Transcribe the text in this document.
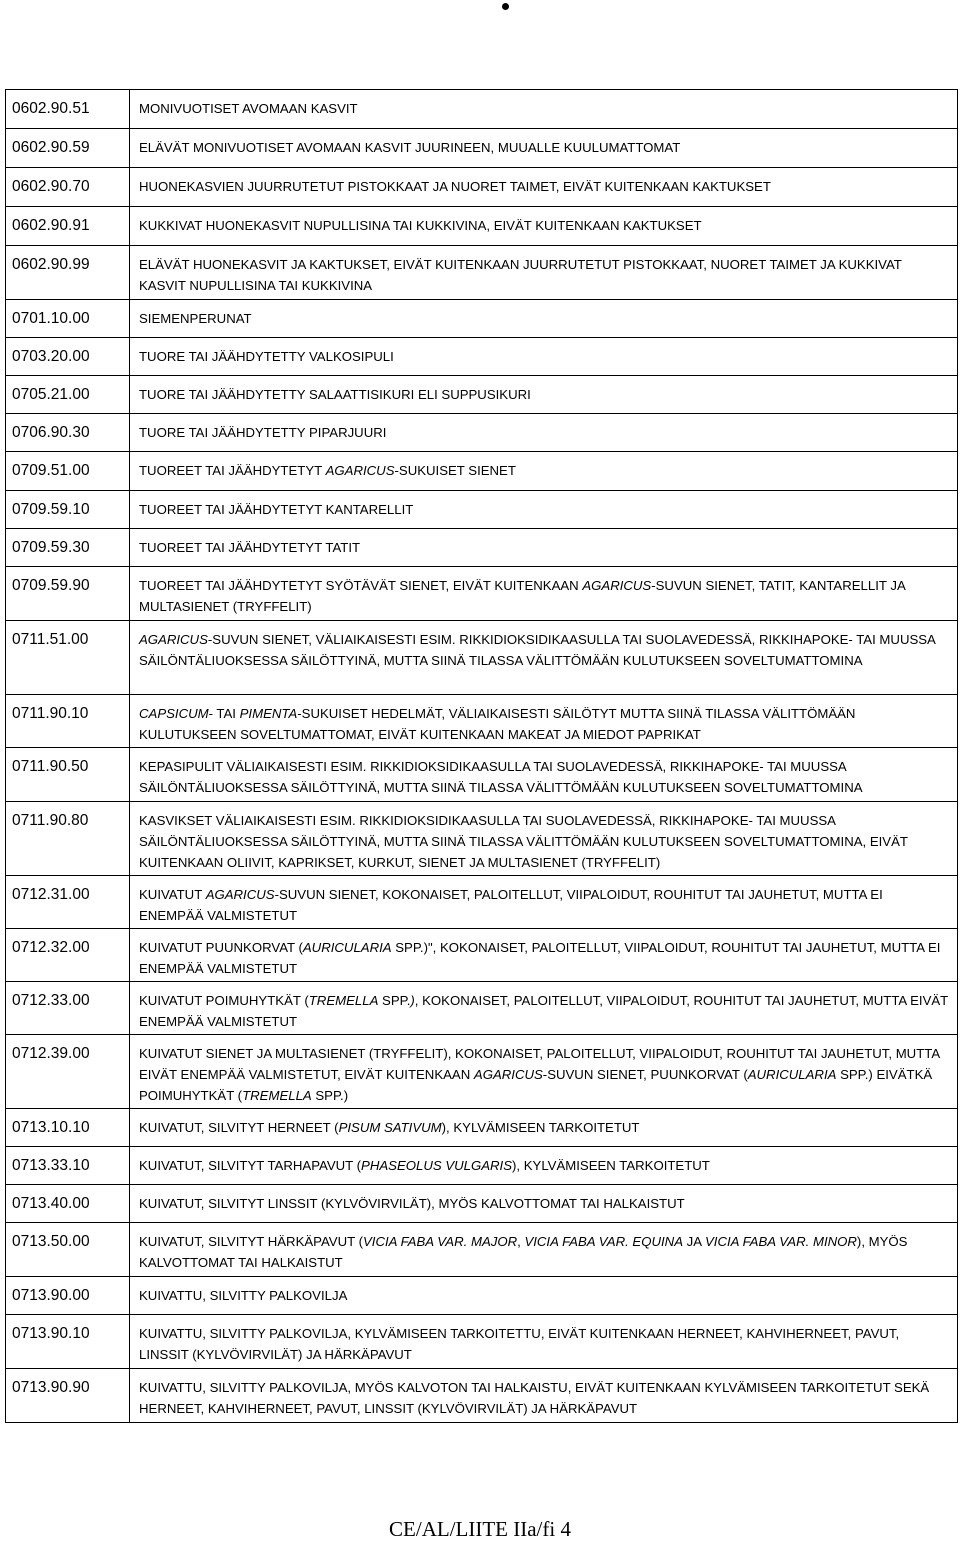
0602.90.51	MONIVUOTISET AVOMAAN KASVIT
0602.90.59	ELÄVÄT MONIVUOTISET AVOMAAN KASVIT JUURINEEN, MUUALLE KUULUMATTOMAT
0602.90.70	HUONEKASVIEN JUURRUTETUT PISTOKKAAT JA NUORET TAIMET, EIVÄT KUITENKAAN KAKTUKSET
0602.90.91	KUKKIVAT HUONEKASVIT NUPULLISINA TAI KUKKIVINA, EIVÄT KUITENKAAN KAKTUKSET
0602.90.99	ELÄVÄT HUONEKASVIT JA KAKTUKSET, EIVÄT KUITENKAAN JUURRUTETUT PISTOKKAAT, NUORET TAIMET JA KUKKIVAT KASVIT NUPULLISINA TAI KUKKIVINA
0701.10.00	SIEMENPERUNAT
0703.20.00	TUORE TAI JÄÄHDYTETTY VALKOSIPULI
0705.21.00	TUORE TAI JÄÄHDYTETTY SALAATTISIKURI ELI SUPPUSIKURI
0706.90.30	TUORE TAI JÄÄHDYTETTY PIPARJUURI
0709.51.00	TUOREET TAI JÄÄHDYTETYT AGARICUS-SUKUISET SIENET
0709.59.10	TUOREET TAI JÄÄHDYTETYT KANTARELLIT
0709.59.30	TUOREET TAI JÄÄHDYTETYT TATIT
0709.59.90	TUOREET TAI JÄÄHDYTETYT SYÖTÄVÄT SIENET, EIVÄT KUITENKAAN AGARICUS-SUVUN SIENET, TATIT, KANTARELLIT JA MULTASIENET (TRYFFELIT)
0711.51.00	AGARICUS-SUVUN SIENET, VÄLIAIKAISESTI ESIM. RIKKIDIOKSIDIKAASULLA TAI SUOLAVEDESSÄ, RIKKIHAPOKE- TAI MUUSSA SÄILÖNTÄLIUOKSESSA SÄILÖTTYINÄ, MUTTA SIINÄ TILASSA VÄLITTÖMÄÄN KULUTUKSEEN SOVELTUMATTOMINA
0711.90.10	CAPSICUM- TAI PIMENTA-SUKUISET HEDELMÄT, VÄLIAIKAISESTI SÄILÖTYT MUTTA SIINÄ TILASSA VÄLITTÖMÄÄN KULUTUKSEEN SOVELTUMATTOMAT, EIVÄT KUITENKAAN MAKEAT JA MIEDOT PAPRIKAT
0711.90.50	KEPASIPULIT VÄLIAIKAISESTI ESIM. RIKKIDIOKSIDIKAASULLA TAI SUOLAVEDESSÄ, RIKKIHAPOKE- TAI MUUSSA SÄILÖNTÄLIUOKSESSA SÄILÖTTYINÄ, MUTTA SIINÄ TILASSA VÄLITTÖMÄÄN KULUTUKSEEN SOVELTUMATTOMINA
0711.90.80	KASVIKSET VÄLIAIKAISESTI ESIM. RIKKIDIOKSIDIKAASULLA TAI SUOLAVEDESSÄ, RIKKIHAPOKE- TAI MUUSSA SÄILÖNTÄLIUOKSESSA SÄILÖTTYINÄ, MUTTA SIINÄ TILASSA VÄLITTÖMÄÄN KULUTUKSEEN SOVELTUMATTOMINA, EIVÄT KUITENKAAN OLIIVIT, KAPRIKSET, KURKUT, SIENET JA MULTASIENET (TRYFFELIT)
0712.31.00	KUIVATUT AGARICUS-SUVUN SIENET, KOKONAISET, PALOITELLUT, VIIPALOIDUT, ROUHITUT TAI JAUHETUT, MUTTA EI ENEMPÄÄ VALMISTETUT
0712.32.00	KUIVATUT PUUNKORVAT (AURICULARIA SPP.)", KOKONAISET, PALOITELLUT, VIIPALOIDUT, ROUHITUT TAI JAUHETUT, MUTTA EI ENEMPÄÄ VALMISTETUT
0712.33.00	KUIVATUT POIMUHYTKÄT (TREMELLA SPP.), KOKONAISET, PALOITELLUT, VIIPALOIDUT, ROUHITUT TAI JAUHETUT, MUTTA EIVÄT ENEMPÄÄ VALMISTETUT
0712.39.00	KUIVATUT SIENET JA MULTASIENET (TRYFFELIT), KOKONAISET, PALOITELLUT, VIIPALOIDUT, ROUHITUT TAI JAUHETUT, MUTTA EIVÄT ENEMPÄÄ VALMISTETUT, EIVÄT KUITENKAAN AGARICUS-SUVUN SIENET, PUUNKORVAT (AURICULARIA SPP.) EIVÄTKÄ POIMUHYTKÄT (TREMELLA SPP.)
0713.10.10	KUIVATUT, SILVITYT HERNEET (PISUM SATIVUM), KYLVÄMISEEN TARKOITETUT
0713.33.10	KUIVATUT, SILVITYT TARHAPAVUT (PHASEOLUS VULGARIS), KYLVÄMISEEN TARKOITETUT
0713.40.00	KUIVATUT, SILVITYT LINSSIT (KYLVÖVIRVILÄT), MYÖS KALVOTTOMAT TAI HALKAISTUT
0713.50.00	KUIVATUT, SILVITYT HÄRKÄPAVUT (VICIA FABA VAR. MAJOR, VICIA FABA VAR. EQUINA JA VICIA FABA VAR. MINOR), MYÖS KALVOTTOMAT TAI HALKAISTUT
0713.90.00	KUIVATTU, SILVITTY PALKOVILJA
0713.90.10	KUIVATTU, SILVITTY PALKOVILJA, KYLVÄMISEEN TARKOITETTU, EIVÄT KUITENKAAN HERNEET, KAHVIHERNEET, PAVUT, LINSSIT (KYLVÖVIRVILÄT) JA HÄRKÄPAVUT
0713.90.90	KUIVATTU, SILVITTY PALKOVILJA, MYÖS KALVOTON TAI HALKAISTU, EIVÄT KUITENKAAN KYLVÄMISEEN TARKOITETUT SEKÄ HERNEET, KAHVIHERNEET, PAVUT, LINSSIT (KYLVÖVIRVILÄT) JA HÄRKÄPAVUT
CE/AL/LIITE IIa/fi 4
